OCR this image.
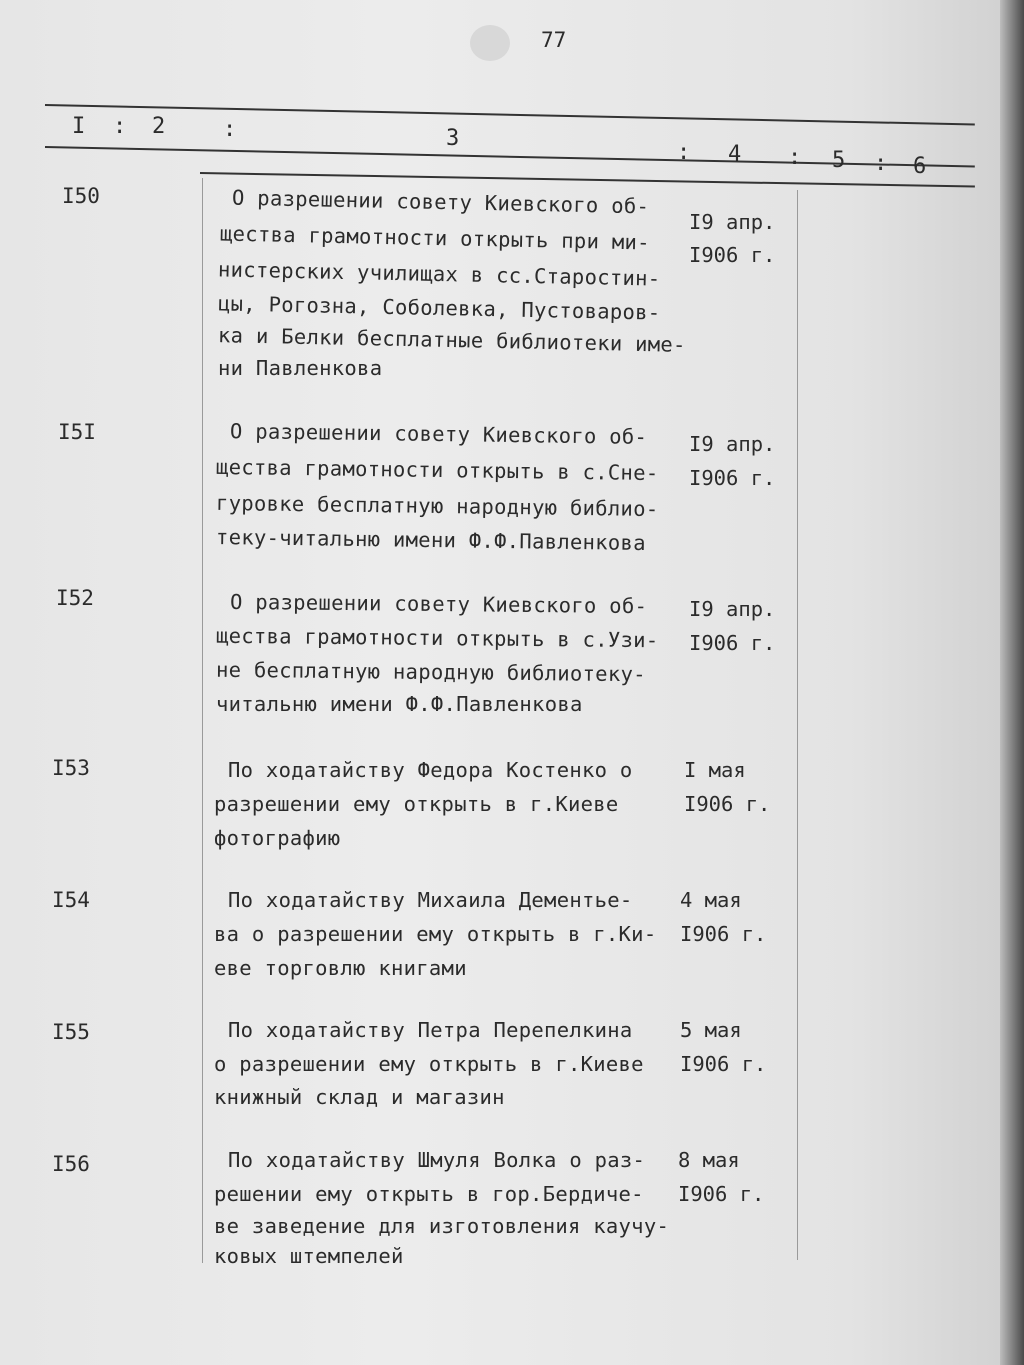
77
I : 2	:	3
: 4 : 5 : 6
I50	О разрешении совету Киевского об-
щества грамотности открыть при ми-
нистерских училищах в сс.Старостин-
цы, Рогозна, Соболевка, Пустоваров-
ка и Белки бесплатные библиотеки име-
ни Павленкова
I9 апр.
I906 г.
I5I	О разрешении совету Киевского об-
щества грамотности открыть в с.Сне-
гуровке бесплатную народную библио-
теку-читальню имени Ф.Ф.Павленкова
I9 апр.
I906 г.
I52	О разрешении совету Киевского об-
щества грамотности открыть в с.Узи-
не бесплатную народную библиотеку-
читальню имени Ф.Ф.Павленкова
I9 апр.
I906 г.
I53	По ходатайству Федора Костенко о
разрешении ему открыть в г.Киеве
фотографию
I мая
I906 г.
I54	По ходатайству Михаила Дементье-
ва о разрешении ему открыть в г.Ки-
еве торговлю книгами
4 мая
I906 г.
I55	По ходатайству Петра Перепелкина
о разрешении ему открыть в г.Киеве
книжный склад и магазин
5 мая
I906 г.
I56	По ходатайству Шмуля Волка о раз-
решении ему открыть в гор.Бердиче-
ве заведение для изготовления каучу-
ковых штемпелей
8 мая
I906 г.
